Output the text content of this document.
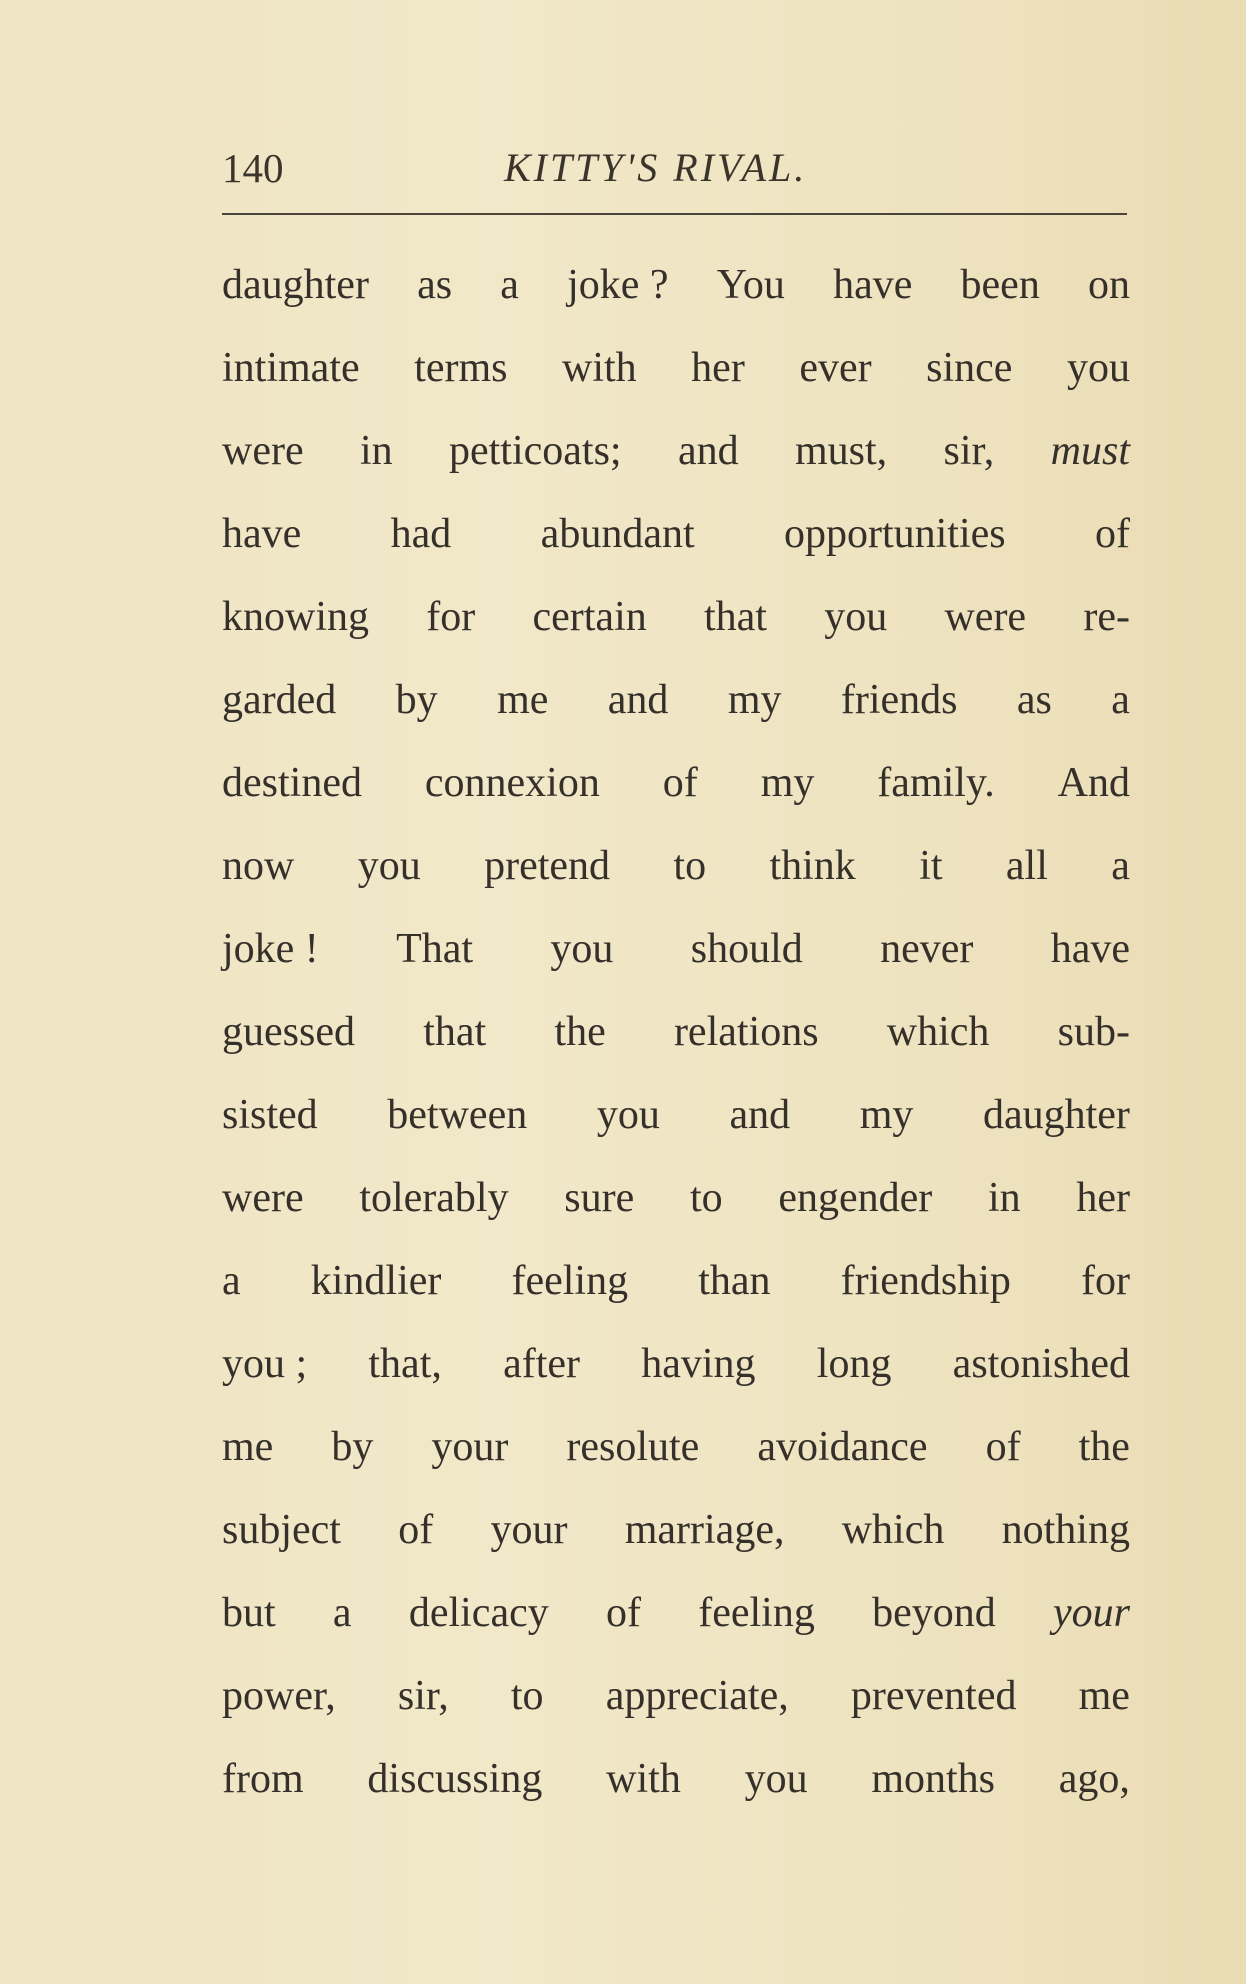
140	KITTY'S RIVAL.
daughter as a joke ? You have been on
intimate terms with her ever since you
were in petticoats; and must, sir, must
have had abundant opportunities of
knowing for certain that you were re-
garded by me and my friends as a
destined connexion of my family. And
now you pretend to think it all a
joke ! That you should never have
guessed that the relations which sub-
sisted between you and my daughter
were tolerably sure to engender in her
a kindlier feeling than friendship for
you ; that, after having long astonished
me by your resolute avoidance of the
subject of your marriage, which nothing
but a delicacy of feeling beyond your
power, sir, to appreciate, prevented me
from discussing with you months ago,
